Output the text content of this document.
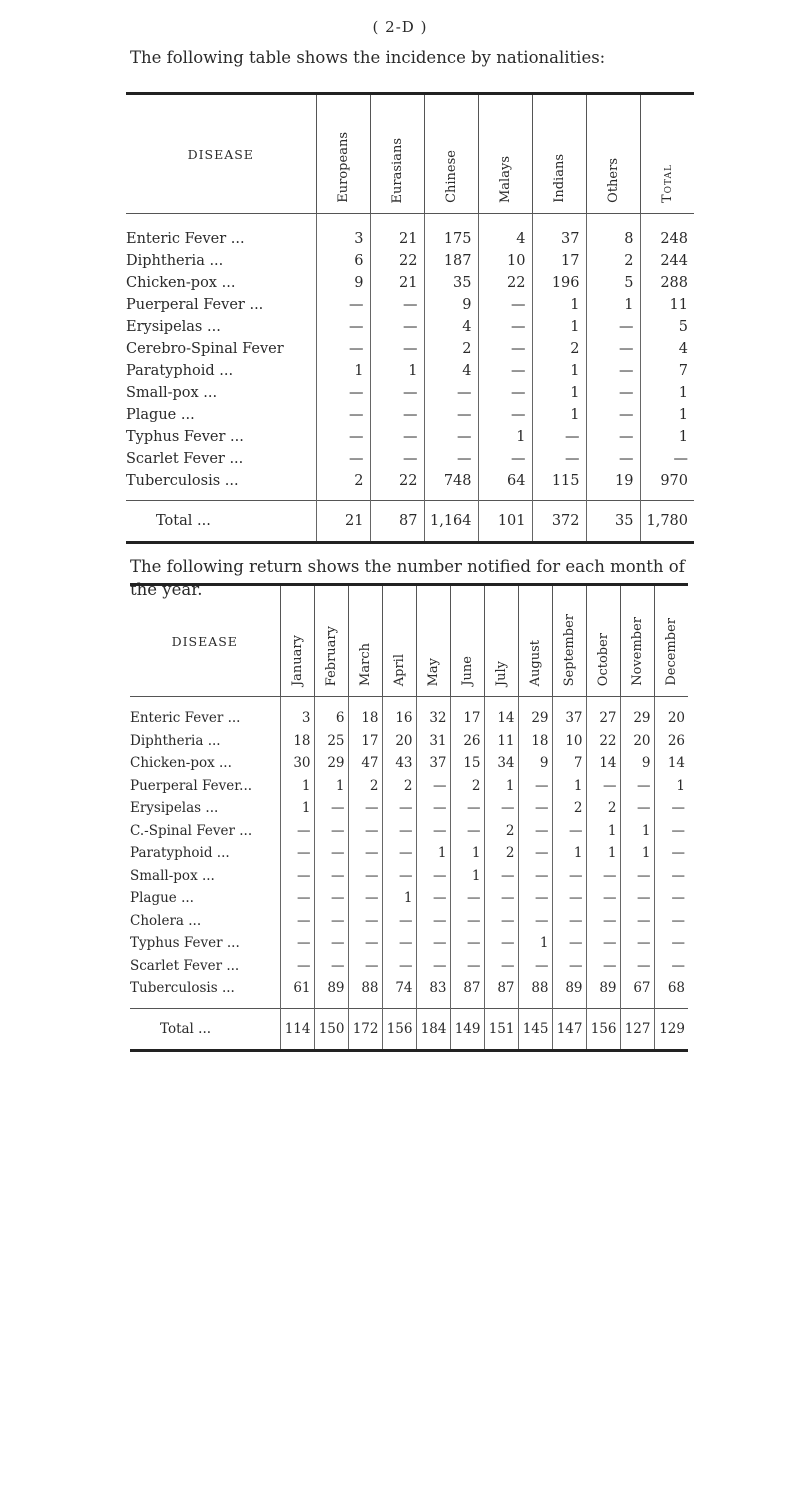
( 2-D )
The following table shows the incidence by nationalities:

DISEASE	Europeans	Eurasians	Chinese	Malays	Indians	Others	Total
Enteric Fever ...	3	21	175	4	37	8	248
Diphtheria ...	6	22	187	10	17	2	244
Chicken-pox ...	9	21	35	22	196	5	288
Puerperal Fever ...	—	—	9	—	1	1	11
Erysipelas ...	—	—	4	—	1	—	5
Cerebro-Spinal Fever	—	—	2	—	2	—	4
Paratyphoid ...	1	1	4	—	1	—	7
Small-pox ...	—	—	—	—	1	—	1
Plague ...	—	—	—	—	1	—	1
Typhus Fever ...	—	—	—	1	—	—	1
Scarlet Fever ...	—	—	—	—	—	—	—
Tuberculosis ...	2	22	748	64	115	19	970
Total ...	21	87	1,164	101	372	35	1,780

The following return shows the number notified for each month of the year.

DISEASE	January	February	March	April	May	June	July	August	September	October	November	December
Enteric Fever ...	3	6	18	16	32	17	14	29	37	27	29	20
Diphtheria ...	18	25	17	20	31	26	11	18	10	22	20	26
Chicken-pox ...	30	29	47	43	37	15	34	9	7	14	9	14
Puerperal Fever...	1	1	2	2	—	2	1	—	1	—	—	1
Erysipelas ...	1	—	—	—	—	—	—	—	2	2	—	—
C.-Spinal Fever ...	—	—	—	—	—	—	2	—	—	1	1	—
Paratyphoid ...	—	—	—	—	1	1	2	—	1	1	1	—
Small-pox ...	—	—	—	—	—	1	—	—	—	—	—	—
Plague ...	—	—	—	1	—	—	—	—	—	—	—	—
Cholera ...	—	—	—	—	—	—	—	—	—	—	—	—
Typhus Fever ...	—	—	—	—	—	—	—	1	—	—	—	—
Scarlet Fever ...	—	—	—	—	—	—	—	—	—	—	—	—
Tuberculosis ...	61	89	88	74	83	87	87	88	89	89	67	68
Total ...	114	150	172	156	184	149	151	145	147	156	127	129
